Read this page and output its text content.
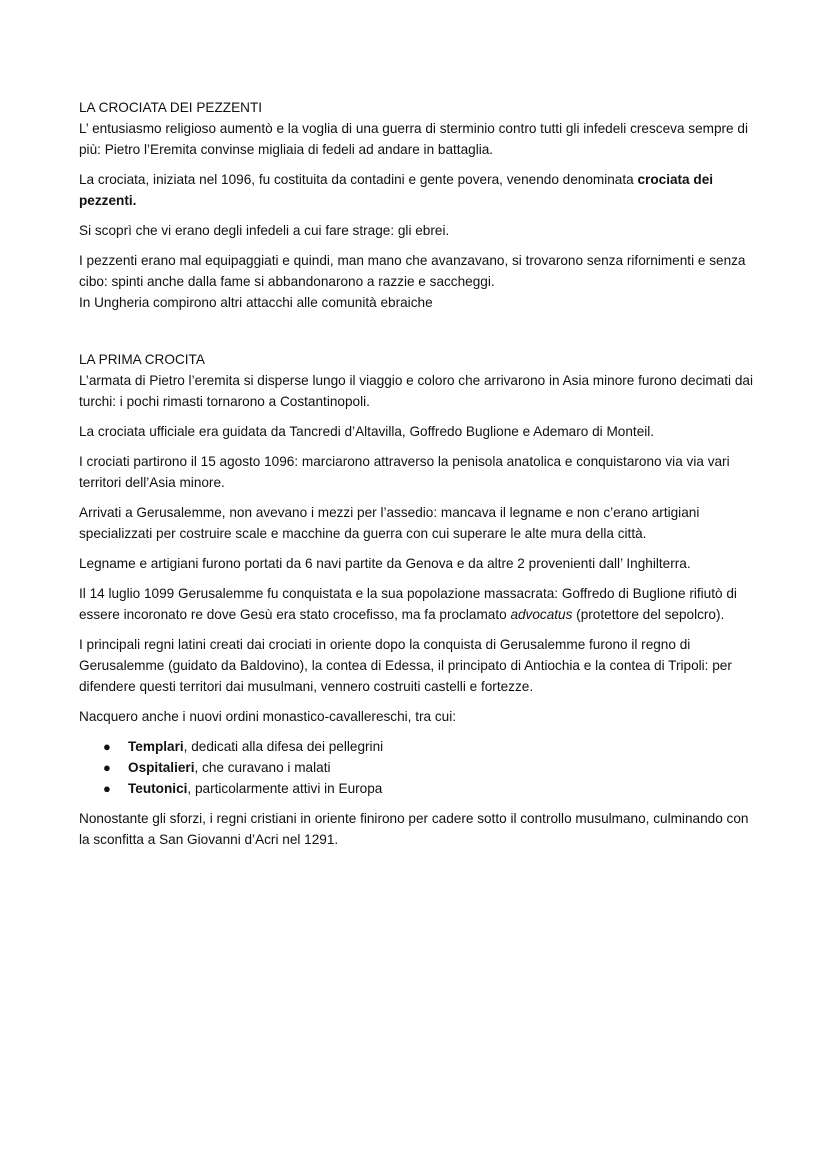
LA CROCIATA DEI PEZZENTI

L’ entusiasmo religioso aumentò e la voglia di una guerra di sterminio contro tutti gli infedeli cresceva sempre di più: Pietro l’Eremita convinse migliaia di fedeli ad andare in battaglia.

La crociata, iniziata nel 1096, fu costituita da contadini e gente povera, venendo denominata crociata dei pezzenti.

Si scoprì che vi erano degli infedeli a cui fare strage: gli ebrei.

I pezzenti erano mal equipaggiati e quindi, man mano che avanzavano, si trovarono senza rifornimenti e senza cibo: spinti anche dalla fame si abbandonarono a razzie e saccheggi.

In Ungheria compirono altri attacchi alle comunità ebraiche

LA PRIMA CROCITA

L’armata di Pietro l’eremita si disperse lungo il viaggio e coloro che arrivarono in Asia minore furono decimati dai turchi: i pochi rimasti tornarono a Costantinopoli.

La crociata ufficiale era guidata da Tancredi d’Altavilla, Goffredo Buglione e Ademaro di Monteil.

I crociati partirono il 15 agosto 1096: marciarono attraverso la penisola anatolica e conquistarono via via vari territori dell’Asia minore.

Arrivati a Gerusalemme, non avevano i mezzi per l’assedio: mancava il legname e non c’erano artigiani specializzati per costruire scale e macchine da guerra con cui superare le alte mura della città.

Legname e artigiani furono portati da 6 navi partite da Genova e da altre 2 provenienti dall’ Inghilterra.

Il 14 luglio 1099 Gerusalemme fu conquistata e la sua popolazione massacrata: Goffredo di Buglione rifiutò di essere incoronato re dove Gesù era stato crocefisso, ma fa proclamato advocatus (protettore del sepolcro).

I principali regni latini creati dai crociati in oriente dopo la conquista di Gerusalemme furono il regno di Gerusalemme (guidato da Baldovino), la contea di Edessa, il principato di Antiochia e la contea di Tripoli: per difendere questi territori dai musulmani, vennero costruiti castelli e fortezze.

Nacquero anche i nuovi ordini monastico-cavallereschi, tra cui:

● Templari, dedicati alla difesa dei pellegrini
● Ospitalieri, che curavano i malati
● Teutonici, particolarmente attivi in Europa

Nonostante gli sforzi, i regni cristiani in oriente finirono per cadere sotto il controllo musulmano, culminando con la sconfitta a San Giovanni d’Acri nel 1291.
